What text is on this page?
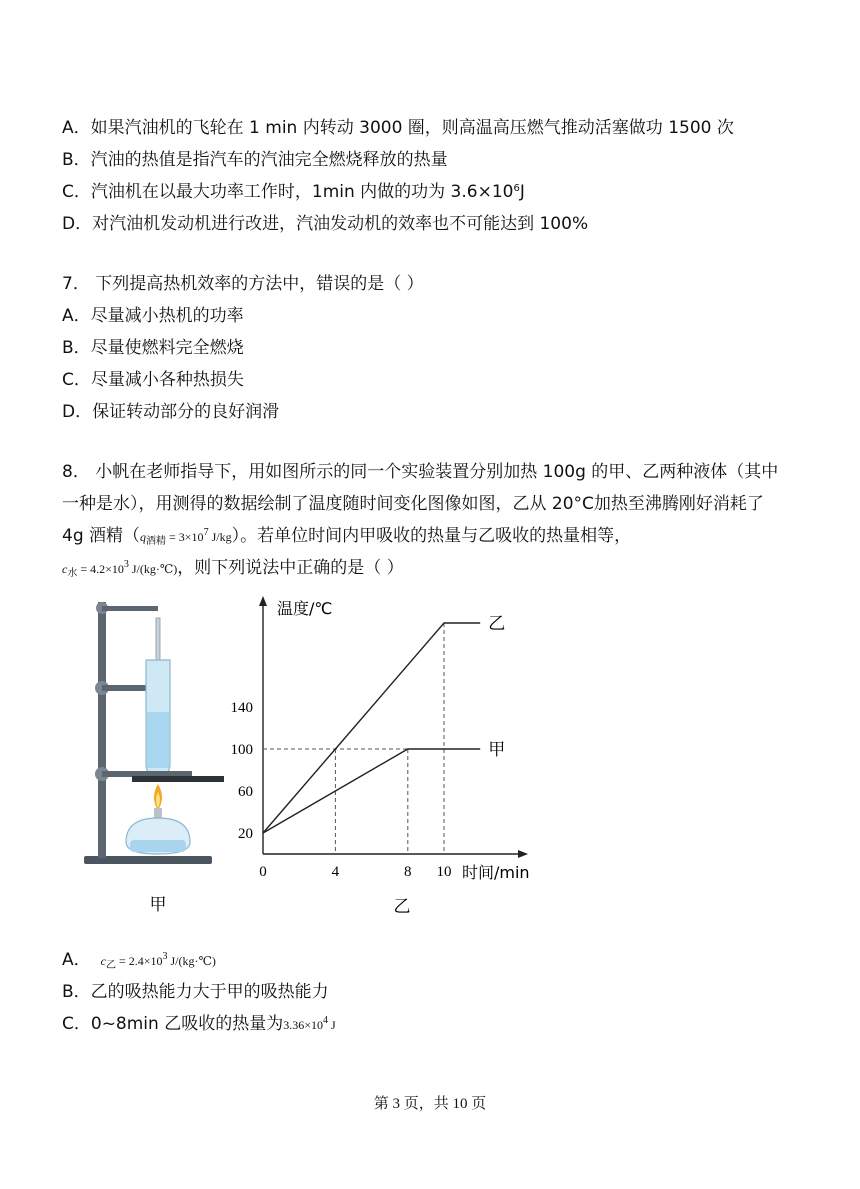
A．如果汽油机的飞轮在 1 min 内转动 3000 圈，则高温高压燃气推动活塞做功 1500 次
B．汽油的热值是指汽车的汽油完全燃烧释放的热量
C．汽油机在以最大功率工作时，1min 内做的功为 $3.6\times 10^6J$
D．对汽油机发动机进行改进，汽油发动机的效率也不可能达到 100%
7． 下列提高热机效率的方法中，错误的是（ ）
A．尽量减小热机的功率
B．尽量使燃料完全燃烧
C．尽量减小各种热损失
D．保证转动部分的良好润滑
8． 小帆在老师指导下，用如图所示的同一个实验装置分别加热 100g 的甲、乙两种液体（其中
一种是水），用测得的数据绘制了温度随时间变化图像如图，乙从 20°C加热至沸腾刚好消耗了
4g 酒精（$q_{酒精} = 3\times 10^7$ J/kg）。若单位时间内甲吸收的热量与乙吸收的热量相等，
$c_水 = 4.2\times 10^3$ J/(kg·℃)，则下列说法中正确的是（ ）
甲
20
60
100
140
0	4	8 10
温度/℃
时间/min
甲
乙
乙
A． $c_乙 = 2.4\times 10^3$ J/(kg·℃)
B．乙的吸热能力大于甲的吸热能力
C．0~8min 乙吸收的热量为$3.36\times 10^4$ J
第 3 页，共 10 页
